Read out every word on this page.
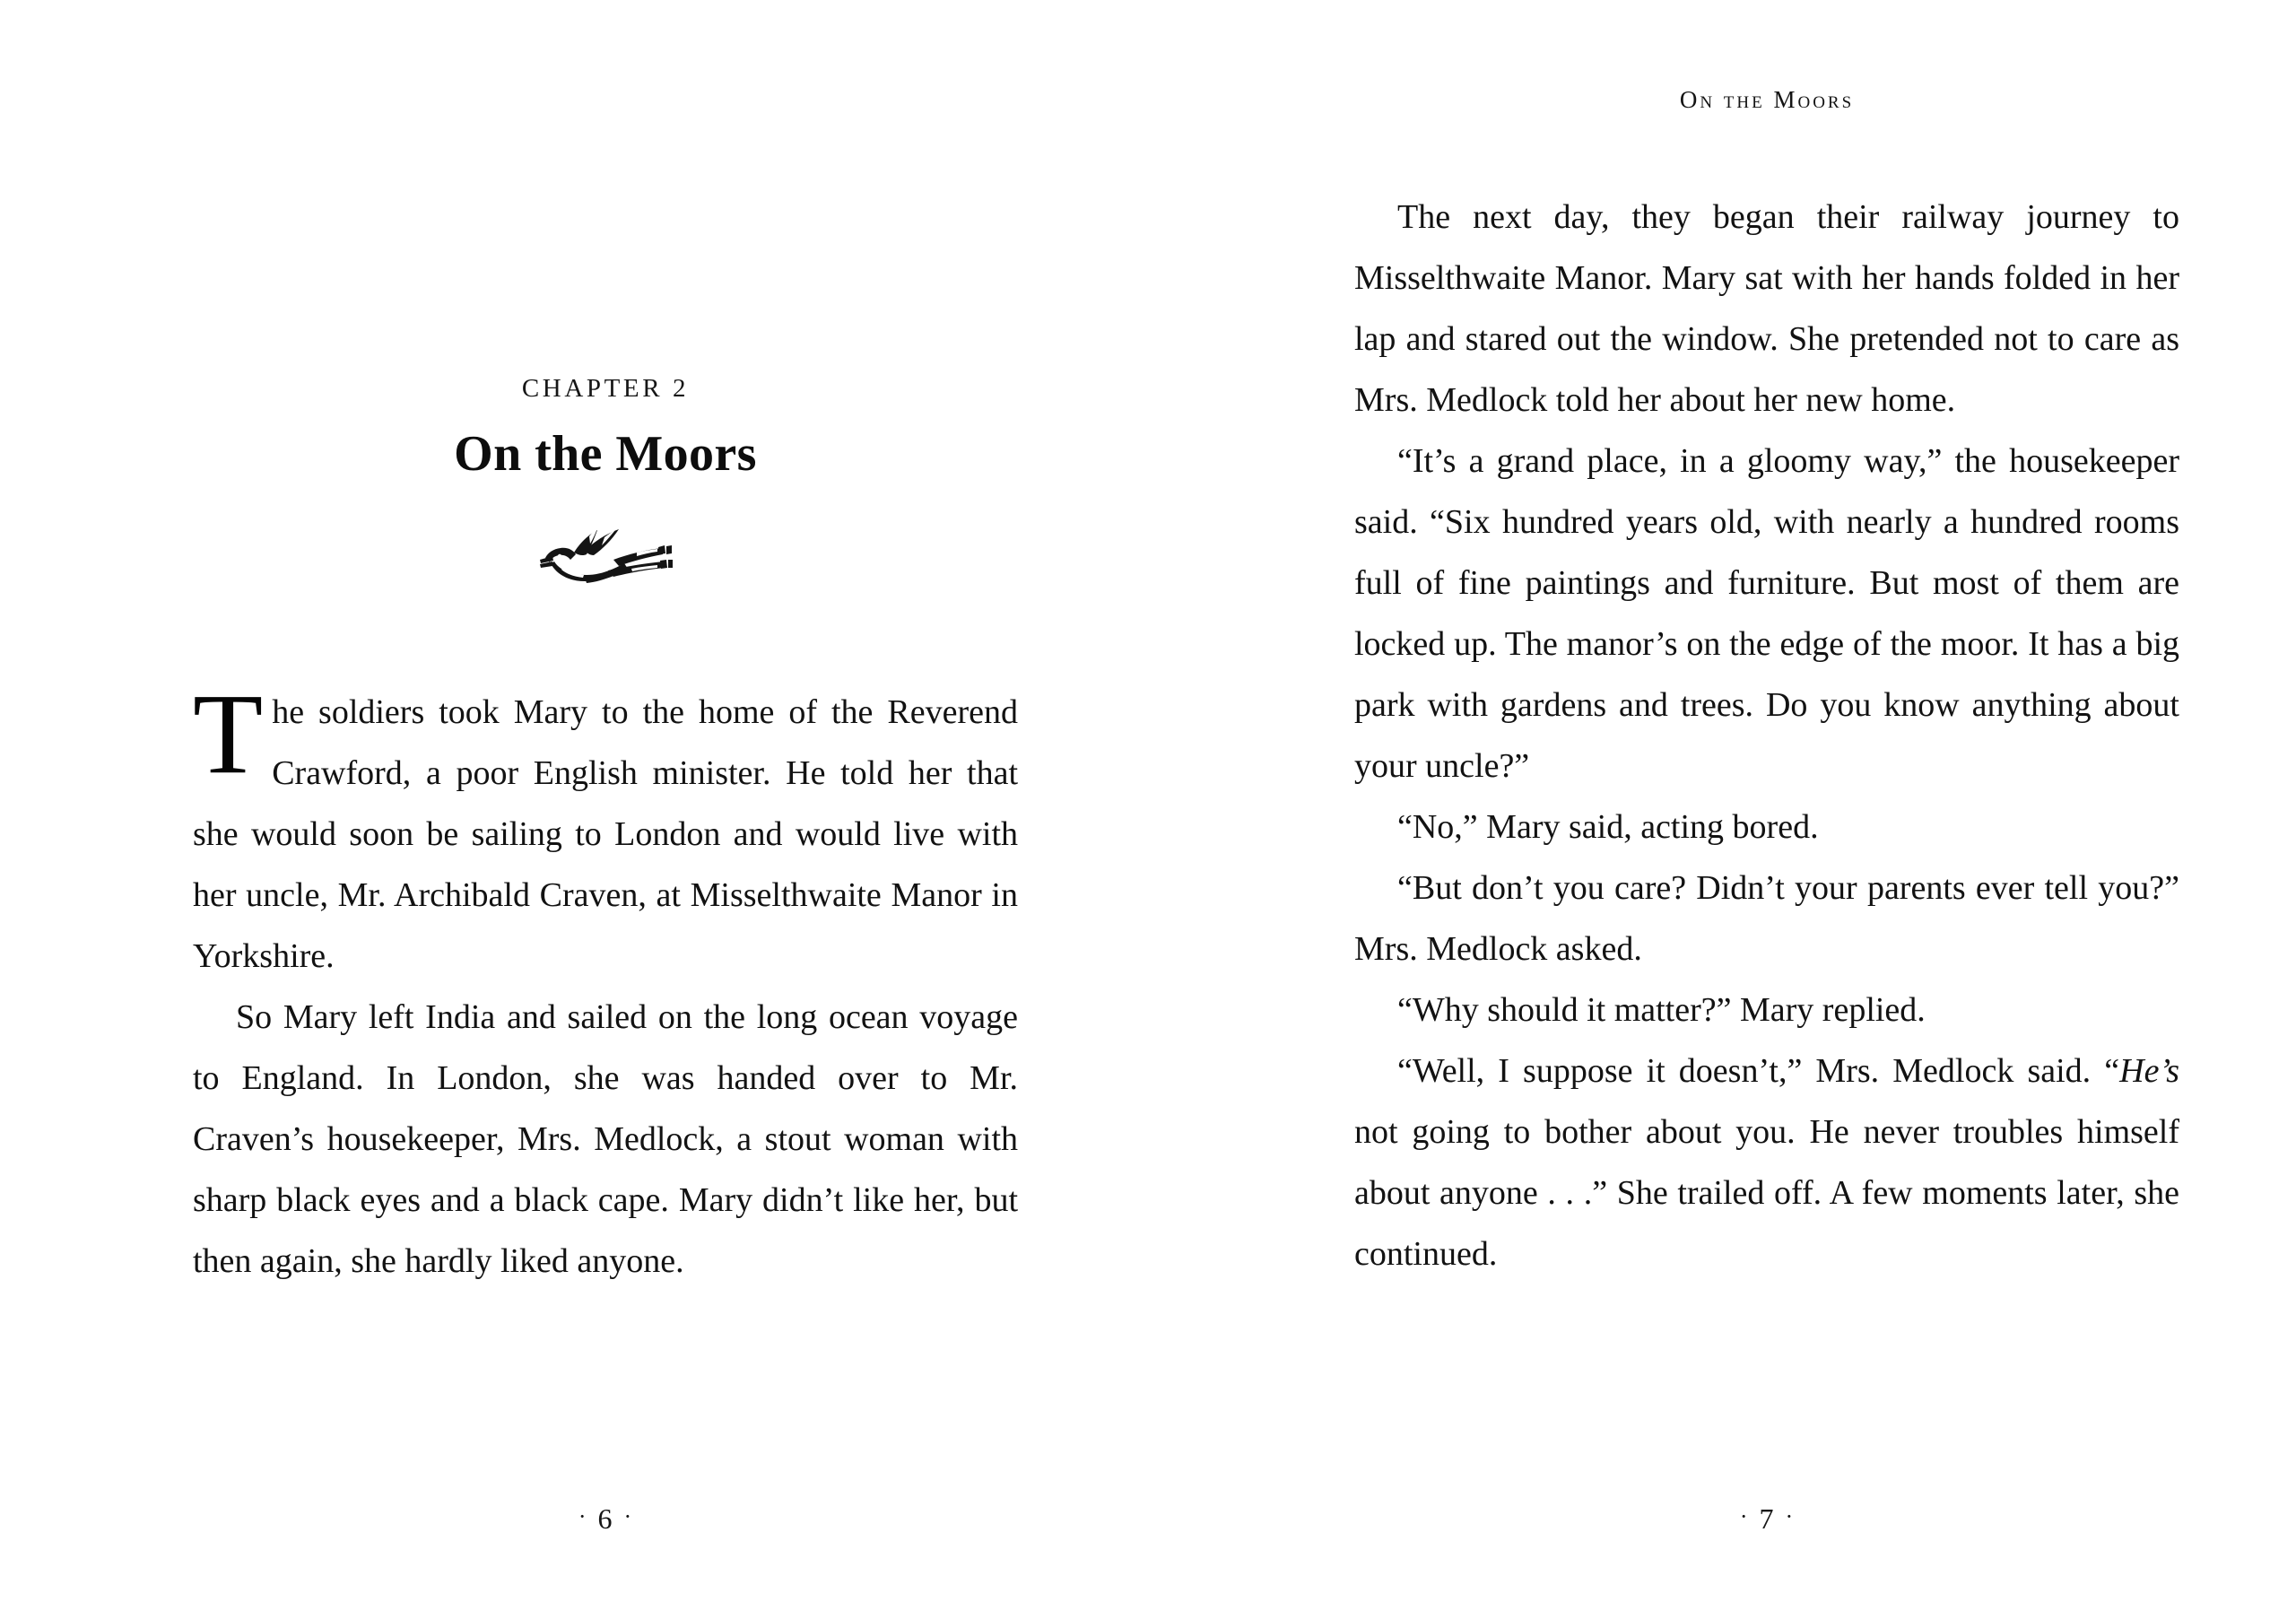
CHAPTER 2
On the Moors

The soldiers took Mary to the home of the Reverend Crawford, a poor English minister. He told her that she would soon be sailing to London and would live with her uncle, Mr. Archibald Craven, at Misselthwaite Manor in Yorkshire.

So Mary left India and sailed on the long ocean voyage to England. In London, she was handed over to Mr. Craven’s housekeeper, Mrs. Medlock, a stout woman with sharp black eyes and a black cape. Mary didn’t like her, but then again, she hardly liked anyone.

· 6 ·
On the Moors

The next day, they began their railway journey to Misselthwaite Manor. Mary sat with her hands folded in her lap and stared out the window. She pretended not to care as Mrs. Medlock told her about her new home.

“It’s a grand place, in a gloomy way,” the housekeeper said. “Six hundred years old, with nearly a hundred rooms full of fine paintings and furniture. But most of them are locked up. The manor’s on the edge of the moor. It has a big park with gardens and trees. Do you know anything about your uncle?”

“No,” Mary said, acting bored.

“But don’t you care? Didn’t your parents ever tell you?” Mrs. Medlock asked.

“Why should it matter?” Mary replied.

“Well, I suppose it doesn’t,” Mrs. Medlock said. “He’s not going to bother about you. He never troubles himself about anyone . . .” She trailed off. A few moments later, she continued.

· 7 ·
